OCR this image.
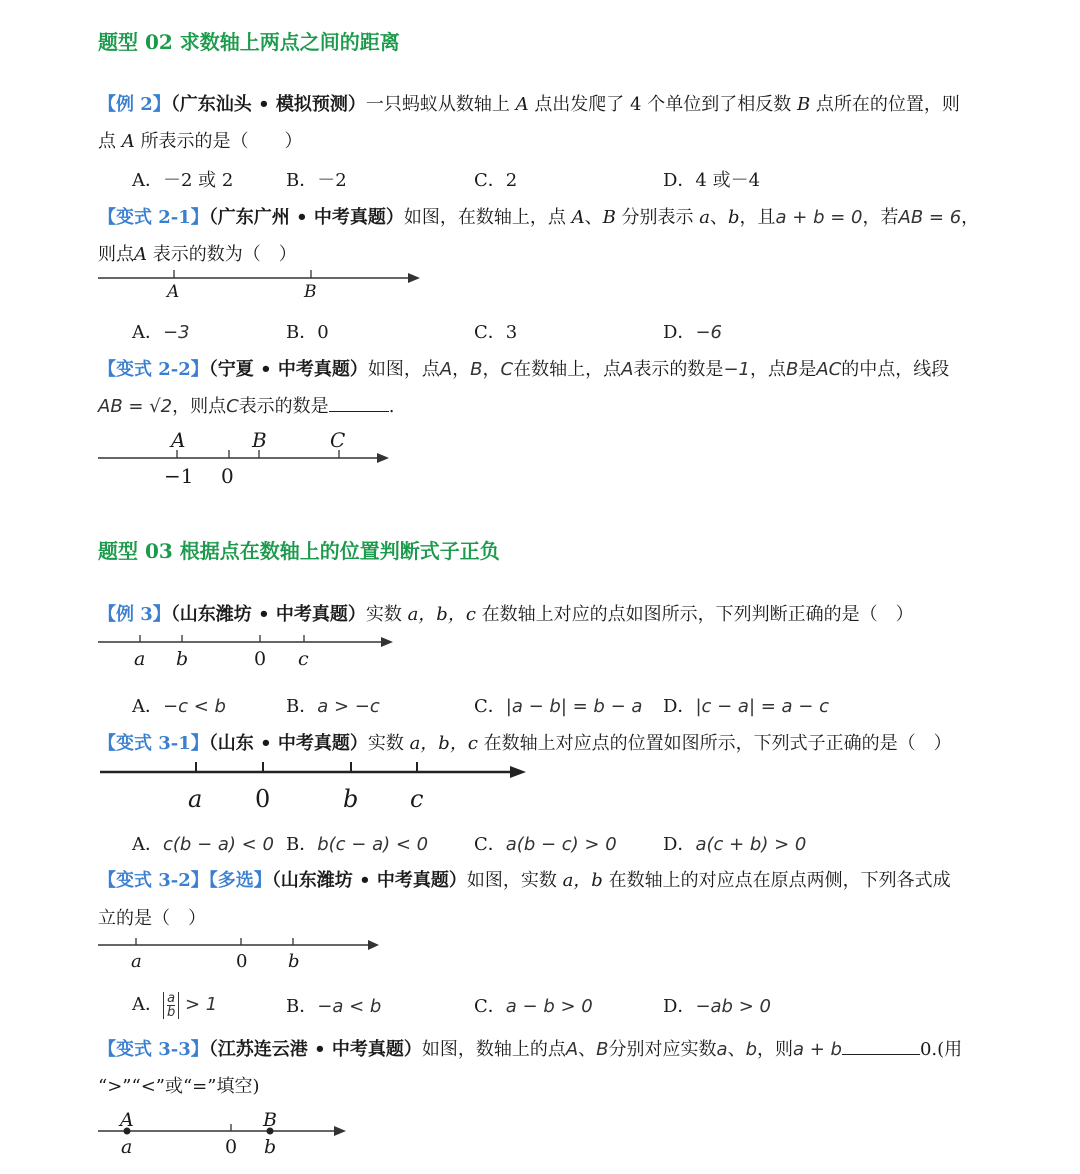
题型 02 求数轴上两点之间的距离
【例 2】（广东汕头 • 模拟预测）一只蚂蚁从数轴上 A 点出发爬了 4 个单位到了相反数 B 点所在的位置，则
点 A 所表示的是（　　）
A．－2 或 2	B．－2	C．2	D．4 或－4
【变式 2-1】（广东广州 • 中考真题）如图，在数轴上，点 A、B 分别表示 a、b，且a + b = 0，若AB = 6，
则点A 表示的数为（　）
A	B
A．−3	B．0	C．3	D．−6
【变式 2-2】（宁夏 • 中考真题）如图，点A，B，C在数轴上，点A表示的数是−1，点B是AC的中点，线段
AB = √2，则点C表示的数是	.
A	B	C
−1 0
题型 03 根据点在数轴上的位置判断式子正负
【例 3】（山东潍坊 • 中考真题）实数 a，b，c 在数轴上对应的点如图所示，下列判断正确的是（　）
a b	0 c
A．−c < b	B．a > −c	C．|a − b| = b − a D．|c − a| = a − c
【变式 3-1】（山东 • 中考真题）实数 a，b，c 在数轴上对应点的位置如图所示，下列式子正确的是（　）
a 0	b c
A．c(b − a) < 0 B．b(c − a) < 0	C．a(b − c) > 0	D．a(c + b) > 0
【变式 3-2】【多选】（山东潍坊 • 中考真题）如图，实数 a，b 在数轴上的对应点在原点两侧，下列各式成
立的是（　）
a	0 b
A． $\frac{a}{b} > 1$	B．−a < b	C．a − b > 0	D．−ab > 0
【变式 3-3】（江苏连云港 • 中考真题）如图，数轴上的点A、B分别对应实数a、b，则a + b	0.(用
“>”“<”或“=”填空)
A	B
a	0 b
